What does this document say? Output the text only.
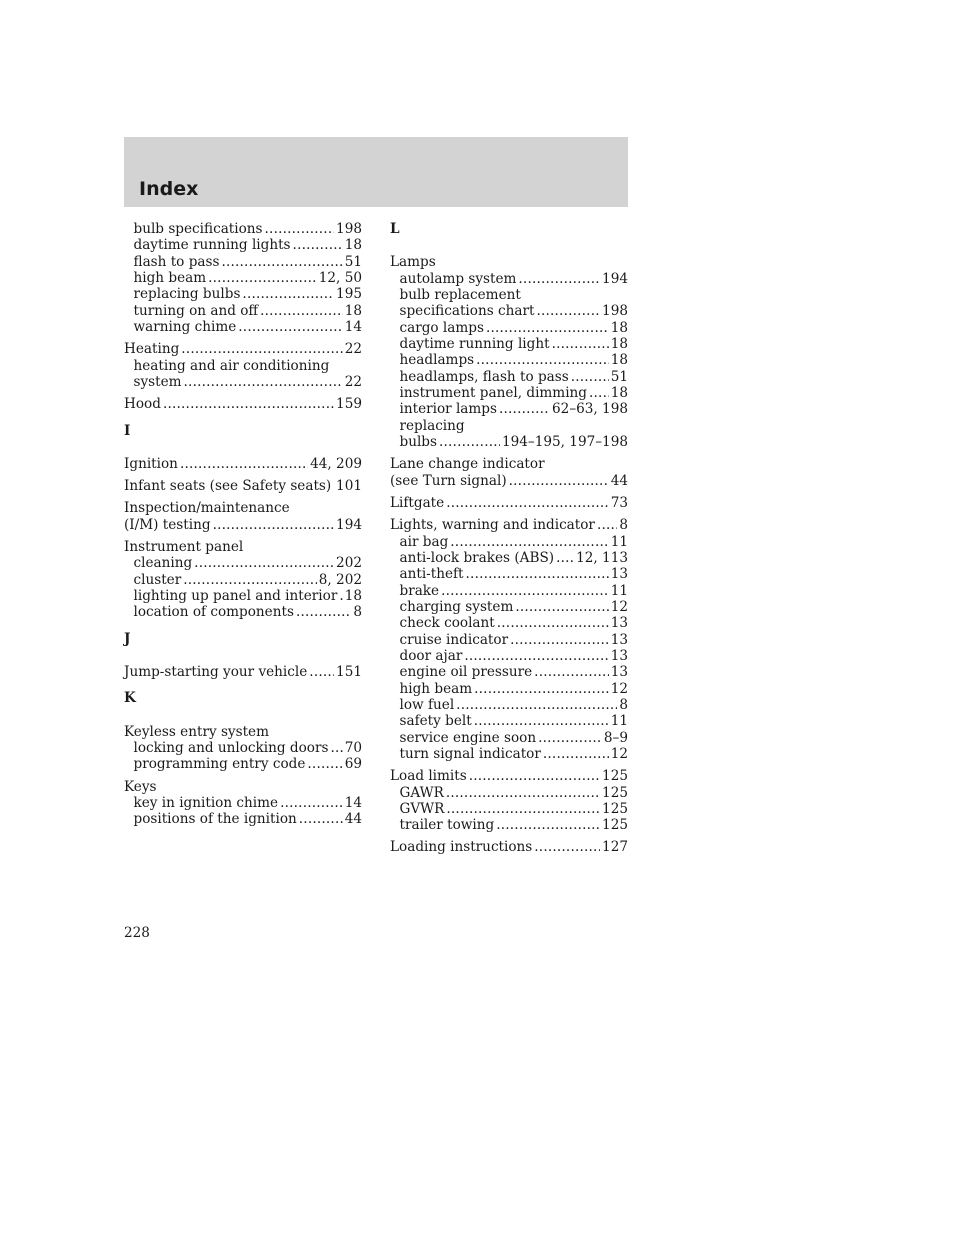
Index
bulb specifications .....	198
daytime running lights .....	18
flash to pass .....	51
high beam .....	12, 50
replacing bulbs .....	195
turning on and off .....	18
warning chime .....	14
Heating .....	22
heating and air conditioning
system .....	22
Hood .....	159
I
Ignition .....	44, 209
Infant seats (see Safety seats) ..... 101
Inspection/maintenance
(I/M) testing .....	194
Instrument panel
cleaning .....	202
cluster .....	8, 202
lighting up panel and interior ..... 18
location of components .....	8
J
Jump-starting your vehicle ..... 151
K
Keyless entry system
locking and unlocking doors ..... 70
programming entry code .....	69
Keys
key in ignition chime .....	14
positions of the ignition .....	44
L
Lamps
autolamp system .....	194
bulb replacement
specifications chart .....	198
cargo lamps .....	18
daytime running light .....	18
headlamps .....	18
headlamps, flash to pass .....	51
instrument panel, dimming ..... 18
interior lamps .....	62–63, 198
replacing
bulbs .....	194–195, 197–198
Lane change indicator
(see Turn signal) .....	44
Liftgate .....	73
Lights, warning and indicator ..... 8
air bag .....	11
anti-lock brakes (ABS) ..... 12, 113
anti-theft .....	13
brake .....	11
charging system .....	12
check coolant .....	13
cruise indicator .....	13
door ajar .....	13
engine oil pressure .....	13
high beam .....	12
low fuel .....	8
safety belt .....	11
service engine soon .....	8–9
turn signal indicator .....	12
Load limits .....	125
GAWR .....	125
GVWR .....	125
trailer towing .....	125
Loading instructions .....	127
228
